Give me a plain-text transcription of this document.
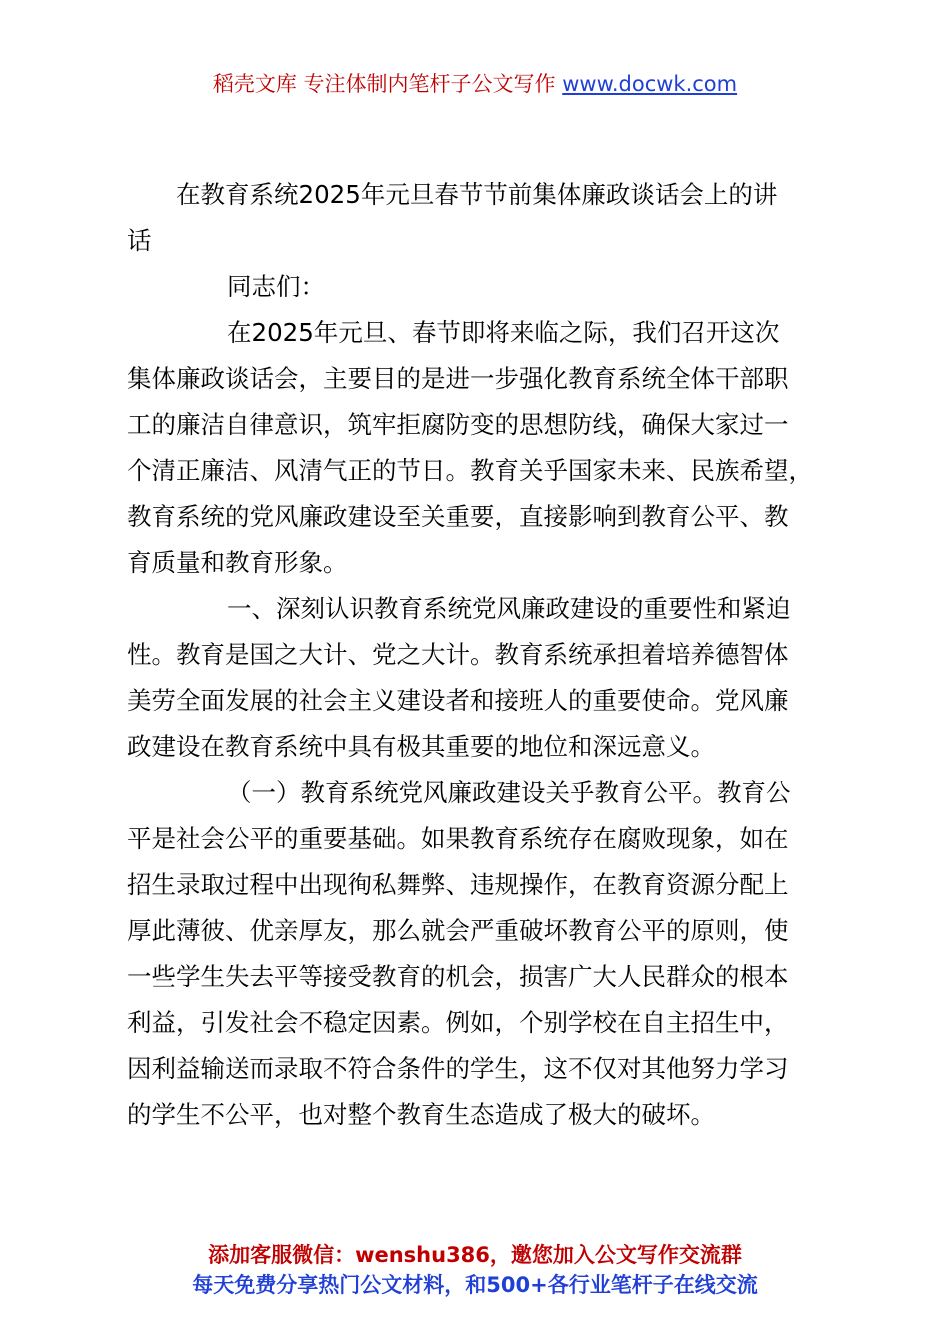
稻壳文库 专注体制内笔杆子公文写作 www.docwk.com
在教育系统2025年元旦春节节前集体廉政谈话会上的讲
话
同志们：
在2025年元旦、春节即将来临之际，我们召开这次
集体廉政谈话会，主要目的是进一步强化教育系统全体干部职
工的廉洁自律意识，筑牢拒腐防变的思想防线，确保大家过一
个清正廉洁、风清气正的节日。教育关乎国家未来、民族希望，
教育系统的党风廉政建设至关重要，直接影响到教育公平、教
育质量和教育形象。
一、深刻认识教育系统党风廉政建设的重要性和紧迫
性。教育是国之大计、党之大计。教育系统承担着培养德智体
美劳全面发展的社会主义建设者和接班人的重要使命。党风廉
政建设在教育系统中具有极其重要的地位和深远意义。
（一）教育系统党风廉政建设关乎教育公平。教育公
平是社会公平的重要基础。如果教育系统存在腐败现象，如在
招生录取过程中出现徇私舞弊、违规操作，在教育资源分配上
厚此薄彼、优亲厚友，那么就会严重破坏教育公平的原则，使
一些学生失去平等接受教育的机会，损害广大人民群众的根本
利益，引发社会不稳定因素。例如，个别学校在自主招生中，
因利益输送而录取不符合条件的学生，这不仅对其他努力学习
的学生不公平，也对整个教育生态造成了极大的破坏。
添加客服微信：wenshu386，邀您加入公文写作交流群
每天免费分享热门公文材料，和500+各行业笔杆子在线交流
